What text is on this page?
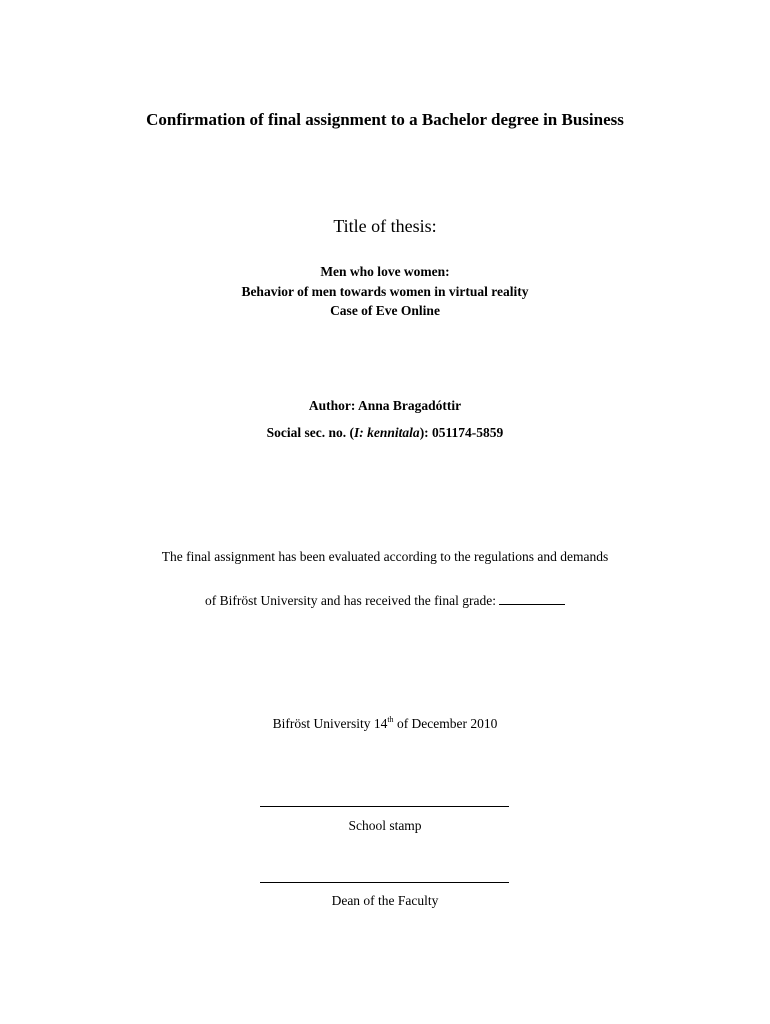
Confirmation of final assignment to a Bachelor degree in Business
Title of thesis:
Men who love women:
Behavior of men towards women in virtual reality
Case of Eve Online
Author: Anna Bragadóttir
Social sec. no. (I: kennitala): 051174-5859
The final assignment has been evaluated according to the regulations and demands
of Bifröst University and has received the final grade:
Bifröst University 14th of December 2010
School stamp
Dean of the Faculty
